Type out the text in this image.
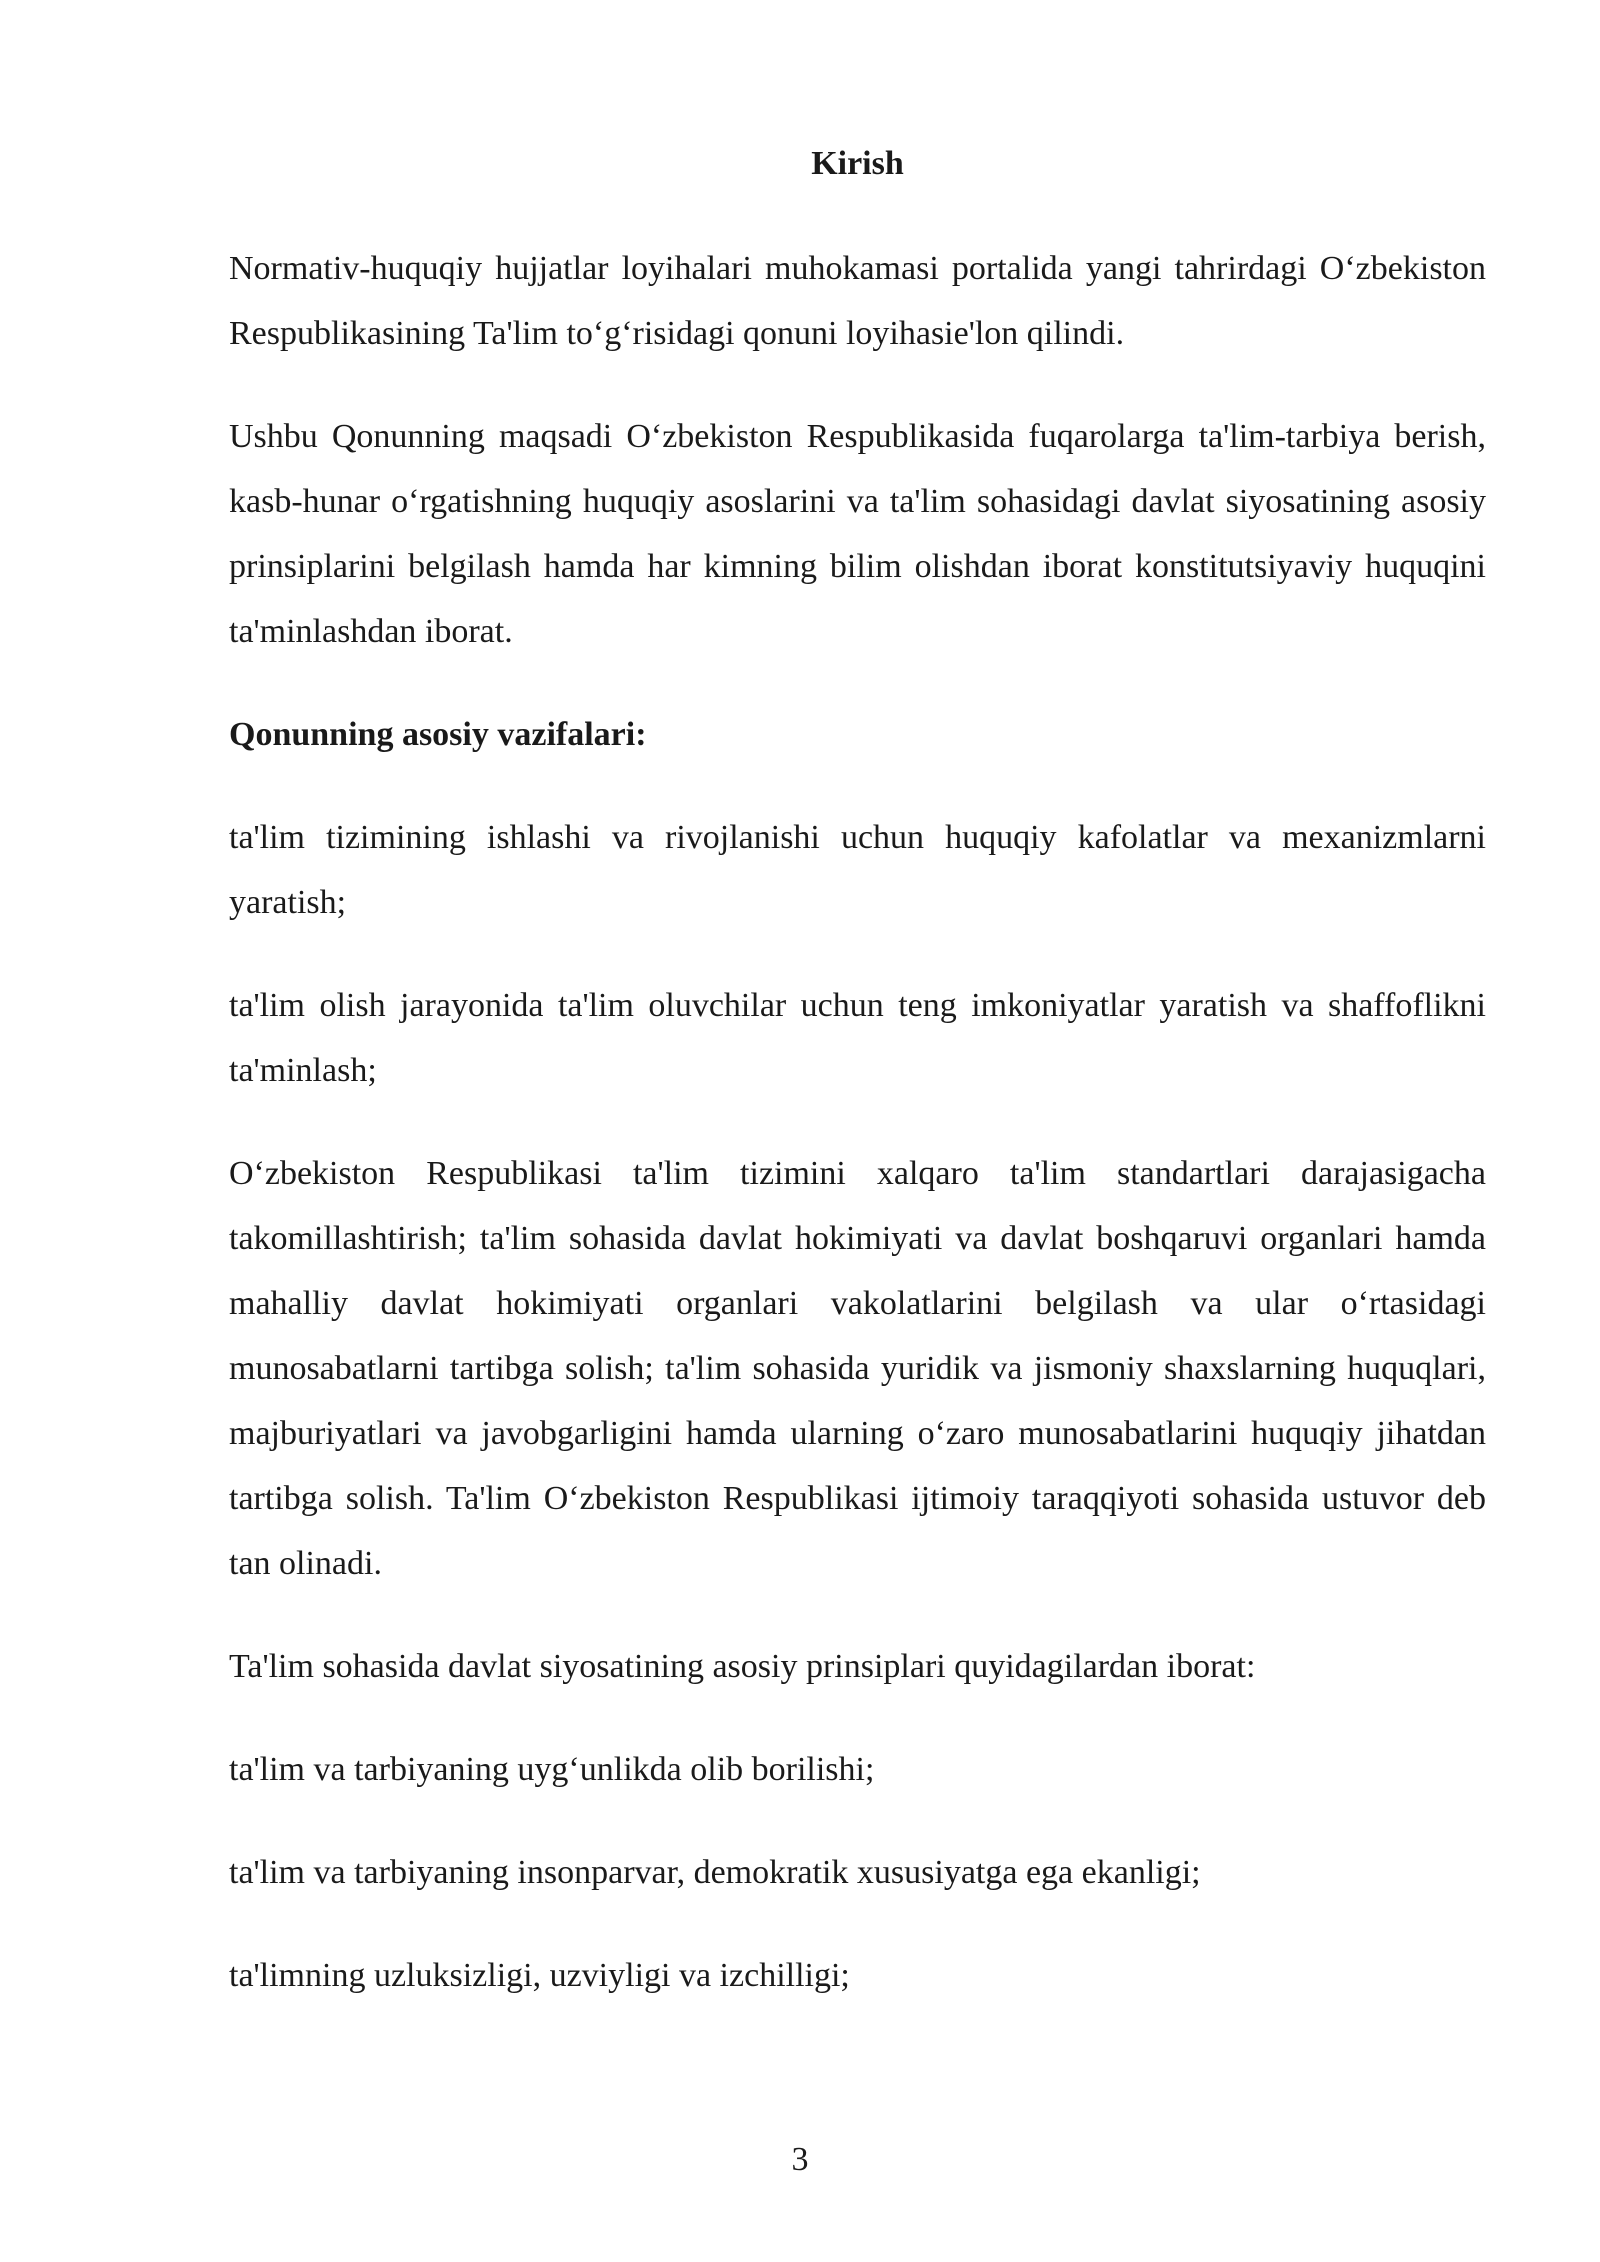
Kirish

Normativ-huquqiy hujjatlar loyihalari muhokamasi portalida yangi tahrirdagi O‘zbekiston Respublikasining Ta'lim to‘g‘risidagi qonuni loyihasie'lon qilindi.

Ushbu Qonunning maqsadi O‘zbekiston Respublikasida fuqarolarga ta'lim-tarbiya berish, kasb-hunar o‘rgatishning huquqiy asoslarini va ta'lim sohasidagi davlat siyosatining asosiy prinsiplarini belgilash hamda har kimning bilim olishdan iborat konstitutsiyaviy huquqini ta'minlashdan iborat.

Qonunning asosiy vazifalari:

ta'lim tizimining ishlashi va rivojlanishi uchun huquqiy kafolatlar va mexanizmlarni yaratish;

ta'lim olish jarayonida ta'lim oluvchilar uchun teng imkoniyatlar yaratish va shaffoflikni ta'minlash;

O‘zbekiston Respublikasi ta'lim tizimini xalqaro ta'lim standartlari darajasigacha takomillashtirish; ta'lim sohasida davlat hokimiyati va davlat boshqaruvi organlari hamda mahalliy davlat hokimiyati organlari vakolatlarini belgilash va ular o‘rtasidagi munosabatlarni tartibga solish; ta'lim sohasida yuridik va jismoniy shaxslarning huquqlari, majburiyatlari va javobgarligini hamda ularning o‘zaro munosabatlarini huquqiy jihatdan tartibga solish. Ta'lim O‘zbekiston Respublikasi ijtimoiy taraqqiyoti sohasida ustuvor deb tan olinadi.

Ta'lim sohasida davlat siyosatining asosiy prinsiplari quyidagilardan iborat:

ta'lim va tarbiyaning uyg‘unlikda olib borilishi;

ta'lim va tarbiyaning insonparvar, demokratik xususiyatga ega ekanligi;

ta'limning uzluksizligi, uzviyligi va izchilligi;

3
